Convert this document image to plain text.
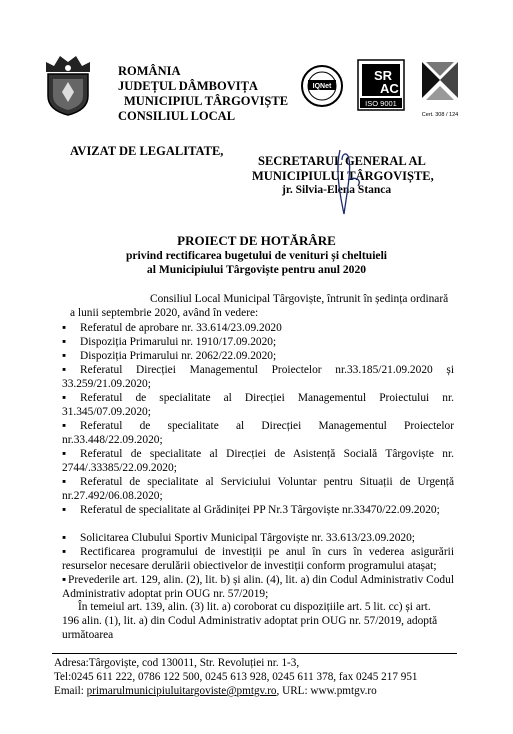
ROMÂNIA
JUDEȚUL DÂMBOVIȚA
MUNICIPIUL TÂRGOVIȘTE
CONSILIUL LOCAL
IQNet
SR
AC
ISO 9001
Cert. 308 / 124
AVIZAT DE LEGALITATE,
SECRETARUL GENERAL AL
MUNICIPIULUI TÂRGOVIȘTE,
jr. Silvia-Elena Stanca
PROIECT DE HOTĂRÂRE
privind rectificarea bugetului de venituri și cheltuieli
al Municipiului Târgoviște pentru anul 2020
Consiliul Local Municipal Târgoviște, întrunit în ședința ordinară
a lunii septembrie 2020, având în vedere:
▪ Referatul de aprobare nr. 33.614/23.09.2020
▪ Dispoziția Primarului nr. 1910/17.09.2020;
▪ Dispoziția Primarului nr. 2062/22.09.2020;
▪ Referatul Direcției Managementul Proiectelor nr.33.185/21.09.2020 și 33.259/21.09.2020;
▪ Referatul de specialitate al Direcției Managementul Proiectului nr. 31.345/07.09.2020;
▪ Referatul de specialitate al Direcției Managementul Proiectelor nr.33.448/22.09.2020;
▪ Referatul de specialitate al Direcției de Asistență Socială Târgoviște nr. 2744/.33385/22.09.2020;
▪ Referatul de specialitate al Serviciului Voluntar pentru Situații de Urgență nr.27.492/06.08.2020;
▪ Referatul de specialitate al Grădiniței PP Nr.3 Târgoviște nr.33470/22.09.2020;
▪ Solicitarea Clubului Sportiv Municipal Târgoviște nr. 33.613/23.09.2020;
▪ Rectificarea programului de investiții pe anul în curs în vederea asigurării resurselor necesare derulării obiectivelor de investiții conform programului atașat;
▪ Prevederile art. 129, alin. (2), lit. b) și alin. (4), lit. a) din Codul Administrativ Codul Administrativ adoptat prin OUG nr. 57/2019;
În temeiul art. 139, alin. (3) lit. a) coroborat cu dispozițiile art. 5 lit. cc) și art.
196 alin. (1), lit. a) din Codul Administrativ adoptat prin OUG nr. 57/2019, adoptă
următoarea
Adresa:Târgoviște, cod 130011, Str. Revoluției nr. 1-3,
Tel:0245 611 222, 0786 122 500, 0245 613 928, 0245 611 378, fax 0245 217 951
Email: primarulmunicipiuluitargoviste@pmtgv.ro, URL: www.pmtgv.ro
